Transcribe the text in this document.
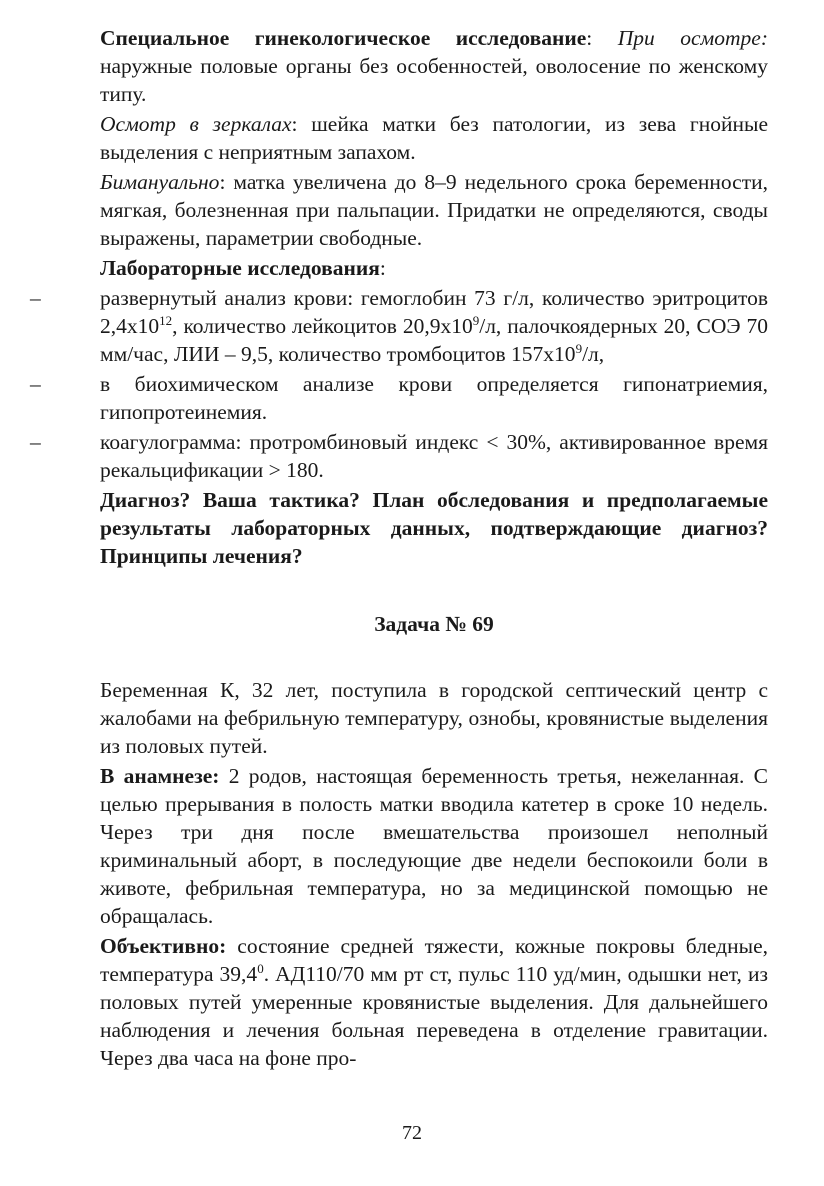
Специальное гинекологическое исследование: При осмотре: наружные половые органы без особенностей, оволосение по женскому типу.

Осмотр в зеркалах: шейка матки без патологии, из зева гнойные выделения с неприятным запахом.

Бимануально: матка увеличена до 8–9 недельного срока беременности, мягкая, болезненная при пальпации. Придатки не определяются, своды выражены, параметрии свободные.

Лабораторные исследования:

–	развернутый анализ крови: гемоглобин 73 г/л, количество эритроцитов $2,4х10^{12}$, количество лейкоцитов $20,9х10^9/л$, палочкоядерных 20, СОЭ 70 мм/час, ЛИИ – 9,5, количество тромбоцитов $157х10^9/л$,
–	в биохимическом анализе крови определяется гипонатриемия, гипопротеинемия.
–	коагулограмма: протромбиновый индекс < 30%, активированное время рекальцификации > 180.

Диагноз? Ваша тактика? План обследования и предполагаемые результаты лабораторных данных, подтверждающие диагноз? Принципы лечения?

Задача № 69

Беременная К, 32 лет, поступила в городской септический центр с жалобами на фебрильную температуру, ознобы, кровянистые выделения из половых путей.

В анамнезе: 2 родов, настоящая беременность третья, нежеланная. С целью прерывания в полость матки вводила катетер в сроке 10 недель. Через три дня после вмешательства произошел неполный криминальный аборт, в последующие две недели беспокоили боли в животе, фебрильная температура, но за медицинской помощью не обращалась.

Объективно: состояние средней тяжести, кожные покровы бледные, температура 39,4$^0$. АД110/70 мм рт ст, пульс 110 уд/мин, одышки нет, из половых путей умеренные кровянистые выделения. Для дальнейшего наблюдения и лечения больная переведена в отделение гравитации. Через два часа на фоне про-

72
